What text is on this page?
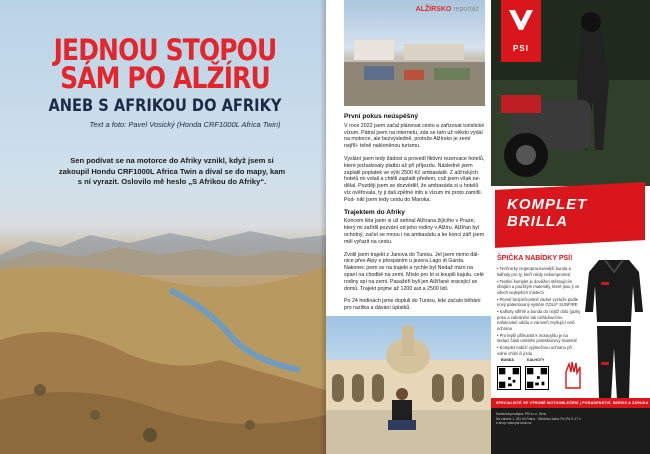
JEDNOU STOPOU
SÁM PO ALŽÍRU
ANEB S AFRIKOU DO AFRIKY
Text a foto: Pavel Vosický (Honda CRF1000L Africa Twin)
Sen podívat se na motorce do Afriky vznikl, když jsem si zakoupil Hondu CRF1000L Africa Twin a díval se do mapy, kam s ní vyrazit. Oslovilo mě heslo „S Afrikou do Afriky“.
ALŽÍRSKO reportáž
První pokus neúspěšný

V roce 2022 jsem začal plánovat cestu a zařizovat turistické vízum. Pátral jsem na internetu, zda se tam už někdo vydal na motorce, ale bezvýsledně, protože Alžírsko je zemí nejříli- telně nakloněnou turismu.

Vyslání jsem tedy žádost a provedl fiktivní rezervace hotelů, které požadovaly platbu až při příjezdu. Následně jsem zaplatil poplatek ve výši 2500 Kč ambasádě. Z alžírských hotelů mi volali a chtěli zaplatit předem, což jsem však ne- dělal. Později jsem se dozvěděl, že ambasáda si u hotelů víz ověřovala, ty ji dali zpětné info a vízum mi proto zamítli. Pod- nikl jsem tedy cestu do Maroka.

Trajektem do Afriky

Koncem léta jsem si už sehnal Alžírana žijícího v Praze, který mi zařídil pozvání od jeho rodiny v Alžíru. Alžířan byl ochotný, začel se mnou i na ambasádu a ke konci září jsem měl vyřazit na cestu.

Zvolil jsem trajekt z Janova do Tunisu. Jel jsem mimo dál- nice přes Alpy s přespáním u jezera Lago di Garda. Nakonec jsem se na trajekt a rychle byl Nedaž mizo na spaní na chodbě na zemi. Místo pro kt si koupili kajutu, celé rodiny spí na zemi. Pasažéři byli jen Alžířané vracející se domů. Trajekt pojme až 1200 aut a 2500 lidí.

Po 24 hodinách jsme dopluli do Tunisu, kde začalo běhání pro razítka a dávání úplatků.

PSI
KOMPLET
BRILLA
ŠPIČKA NABÍDKY PSÍ!
• Technicky nejpropracovanější bunda a kalhoty pro ty, kteří nikdy nekompromisí
• Textilní komplet je dovážen stěsnujícím obojům a použitým materiály, které jsou jí ve všech nejlepších místech
• Pevně bezpečnostně zadné vyztuže podle nový patentovaný systém GOLIF SUNFIRE
• Kalhoty střihlé a bunda do nejtíž dolú (jazky posu a zabránění tak nežádoucímu nafukování oddíu a zároveň zvyšující celé ochranu
• Pro lepší přilnutost k motocyklu je na sedací části umístěn protiskluzový materiál
• Komplet nabízí vyjimečnou ochranu při volné chůzi či jízdu
BUNDA	KALHOTY
SPECIALISTÉ VE VÝROBĚ MOTOOBLEČENÍ | PORADENSTVÍ, SERVIS A ZÁRUKA
Kamenná prodejna: PSI s.r.o., Brno
Na Lánech 1, 251 62 Praha · Otevírací doba: Po–Pá 9–17 h
e-shop: www.psi-moto.cz
